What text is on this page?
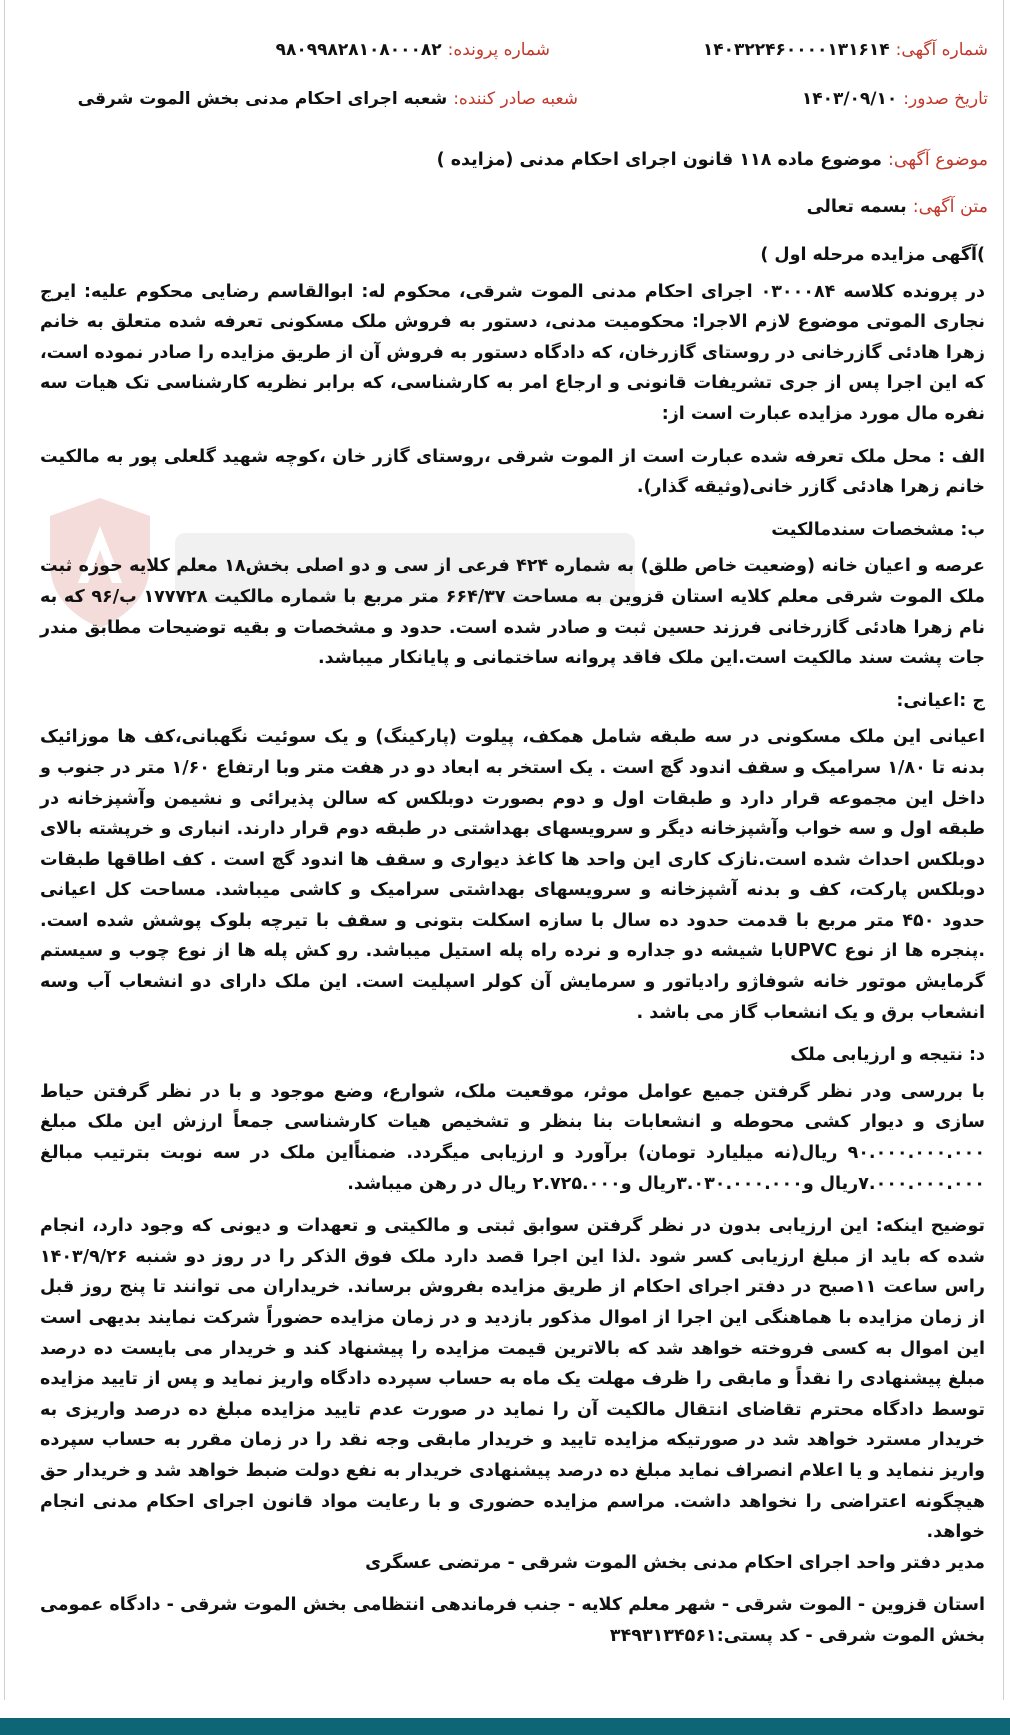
شماره آگهی:۱۴۰۳۲۲۴۶۰۰۰۰۱۳۱۶۱۴
شماره پرونده:۹۸۰۹۹۸۲۸۱۰۸۰۰۰۸۲
تاریخ صدور:۱۴۰۳/۰۹/۱۰
شعبه صادر کننده:شعبه اجرای احکام مدنی بخش الموت شرقی
موضوع آگهی:موضوع ماده ۱۱۸ قانون اجرای احکام مدنی (مزایده )
متن آگهی:بسمه تعالی

)آگهی مزایده مرحله اول )

در پرونده کلاسه ۰۳۰۰۰۸۴ اجرای احکام مدنی الموت شرقی، محکوم له: ابوالقاسم رضایی محکوم علیه: ایرج نجاری الموتی موضوع لازم الاجرا: محکومیت مدنی، دستور به فروش ملک مسکونی تعرفه شده متعلق به خانم زهرا هادئی گازرخانی در روستای گازرخان، که دادگاه دستور به فروش آن از طریق مزایده را صادر نموده است، که این اجرا پس از جری تشریفات قانونی و ارجاع امر به کارشناسی، که برابر نظریه کارشناسی تک هیات سه نفره مال مورد مزایده عبارت است از:

الف : محل ملک تعرفه شده عبارت است از الموت شرقی ،روستای گازر خان ،کوچه شهید گلعلی پور به مالکیت خانم زهرا هادئی گازر خانی(وثیقه گذار).

ب: مشخصات سندمالکیت

عرصه و اعیان خانه (وضعیت خاص طلق) به شماره ۴۲۴ فرعی از سی و دو اصلی بخش۱۸ معلم کلایه حوزه ثبت ملک الموت شرقی معلم کلایه استان قزوین به مساحت ۶۶۴/۳۷ متر مربع با شماره مالکیت ۱۷۷۷۲۸ ب/۹۶ که به نام زهرا هادئی گازرخانی فرزند حسین ثبت و صادر شده است. حدود و مشخصات و بقیه توضیحات مطابق مندر جات پشت سند مالکیت است.این ملک فاقد پروانه ساختمانی و پایانکار میباشد.

ج :اعیانی:

اعیانی این ملک مسکونی در سه طبقه شامل همکف، پیلوت (پارکینگ) و یک سوئیت نگهبانی،کف ها موزائیک بدنه تا ۱/۸۰ سرامیک و سقف اندود گچ است . یک استخر به ابعاد دو در هفت متر وبا ارتفاع ۱/۶۰ متر در جنوب و داخل این مجموعه قرار دارد و طبقات اول و دوم بصورت دوبلکس که سالن پذیرائی و نشیمن وآشپزخانه در طبقه اول و سه خواب وآشپزخانه دیگر و سرویسهای بهداشتی در طبقه دوم قرار دارند. انباری و خرپشته بالای دوبلکس احداث شده است.نازک کاری این واحد ها کاغذ دیواری و سقف ها اندود گچ است . کف اطاقها طبقات دوبلکس پارکت، کف و بدنه آشپزخانه و سرویسهای بهداشتی سرامیک و کاشی میباشد. مساحت کل اعیانی حدود ۴۵۰ متر مربع با قدمت حدود ده سال با سازه اسکلت بتونی و سقف با تیرچه بلوک پوشش شده است. .پنجره ها از نوع UPVCبا شیشه دو جداره و نرده راه پله استیل میباشد. رو کش پله ها از نوع چوب و سیستم گرمایش موتور خانه شوفاژو رادیاتور و سرمایش آن کولر اسپلیت است. این ملک دارای دو انشعاب آب وسه انشعاب برق و یک انشعاب گاز می باشد .

د: نتیجه و ارزیابی ملک

با بررسی ودر نظر گرفتن جمیع عوامل موثر، موقعیت ملک، شوارع، وضع موجود و با در نظر گرفتن حیاط سازی و دیوار کشی محوطه و انشعابات بنا بنظر و تشخیص هیات کارشناسی جمعاً ارزش این ملک مبلغ ۹۰.۰۰۰.۰۰۰.۰۰۰ ریال(نه میلیارد تومان) برآورد و ارزیابی میگردد. ضمناًاین ملک در سه نوبت بترتیب مبالغ ۷.۰۰۰.۰۰۰.۰۰۰ریال و۳.۰۳۰.۰۰۰.۰۰۰ریال و۲.۷۲۵.۰۰۰ ریال در رهن میباشد.

توضیح اینکه: این ارزیابی بدون در نظر گرفتن سوابق ثبتی و مالکیتی و تعهدات و دیونی که وجود دارد، انجام شده که باید از مبلغ ارزیابی کسر شود .لذا این اجرا قصد دارد ملک فوق الذکر را در روز دو شنبه ۱۴۰۳/۹/۲۶ راس ساعت ۱۱صبح در دفتر اجرای احکام از طریق مزایده بفروش برساند. خریداران می توانند تا پنج روز قبل از زمان مزایده با هماهنگی این اجرا از اموال مذکور بازدید و در زمان مزایده حضوراً شرکت نمایند بدیهی است این اموال به کسی فروخته خواهد شد که بالاترین قیمت مزایده را پیشنهاد کند و خریدار می بایست ده درصد مبلغ پیشنهادی را نقداً و مابقی را ظرف مهلت یک ماه به حساب سپرده دادگاه واریز نماید و پس از تایید مزایده توسط دادگاه محترم تقاضای انتقال مالکیت آن را نماید در صورت عدم تایید مزایده مبلغ ده درصد واریزی به خریدار مسترد خواهد شد در صورتیکه مزایده تایید و خریدار مابقی وجه نقد را در زمان مقرر به حساب سپرده واریز ننماید و یا اعلام انصراف نماید مبلغ ده درصد پیشنهادی خریدار به نفع دولت ضبط خواهد شد و خریدار حق هیچگونه اعتراضی را نخواهد داشت. مراسم مزایده حضوری و با رعایت مواد قانون اجرای احکام مدنی انجام خواهد.

مدیر دفتر واحد اجرای احکام مدنی بخش الموت شرقی - مرتضی عسگری

استان قزوین - الموت شرقی - شهر معلم کلایه - جنب فرماندهی انتظامی بخش الموت شرقی - دادگاه عمومی بخش الموت شرقی - کد پستی:۳۴۹۳۱۳۴۵۶۱
